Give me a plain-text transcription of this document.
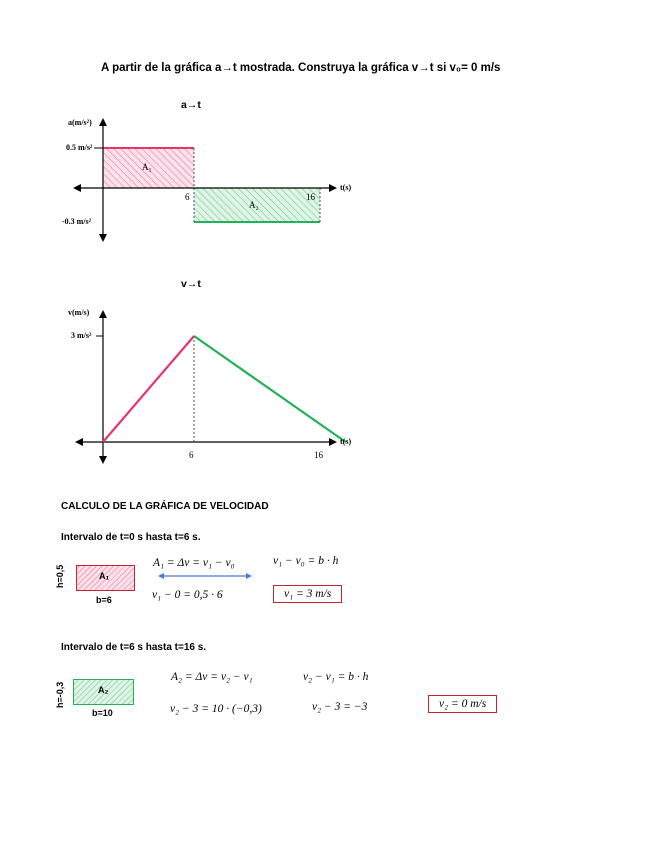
A partir de la gráfica a→t mostrada. Construya la gráfica v→t si v₀= 0 m/s
a→t
a(m/s²)
0.5 m/s²
-0.3 m/s²
t(s)
6	16
A₁
A₂
v→t
v(m/s)
3 m/s²
t(s)
6	16
CALCULO DE LA GRÁFICA DE VELOCIDAD
Intervalo de t=0 s hasta t=6 s.
A₁
h=0,5
b=6
A₁ = Δv = v₁ − v₀	v₁ − v₀ = b · h
v₁ − 0 = 0,5 · 6	v₁ = 3 m/s
Intervalo de t=6 s hasta t=16 s.
A₂
h=-0,3
b=10
A₂ = Δv = v₂ − v₁	v₂ − v₁ = b · h
v₂ − 3 = 10 · (−0,3)	v₂ − 3 = −3	v₂ = 0 m/s
